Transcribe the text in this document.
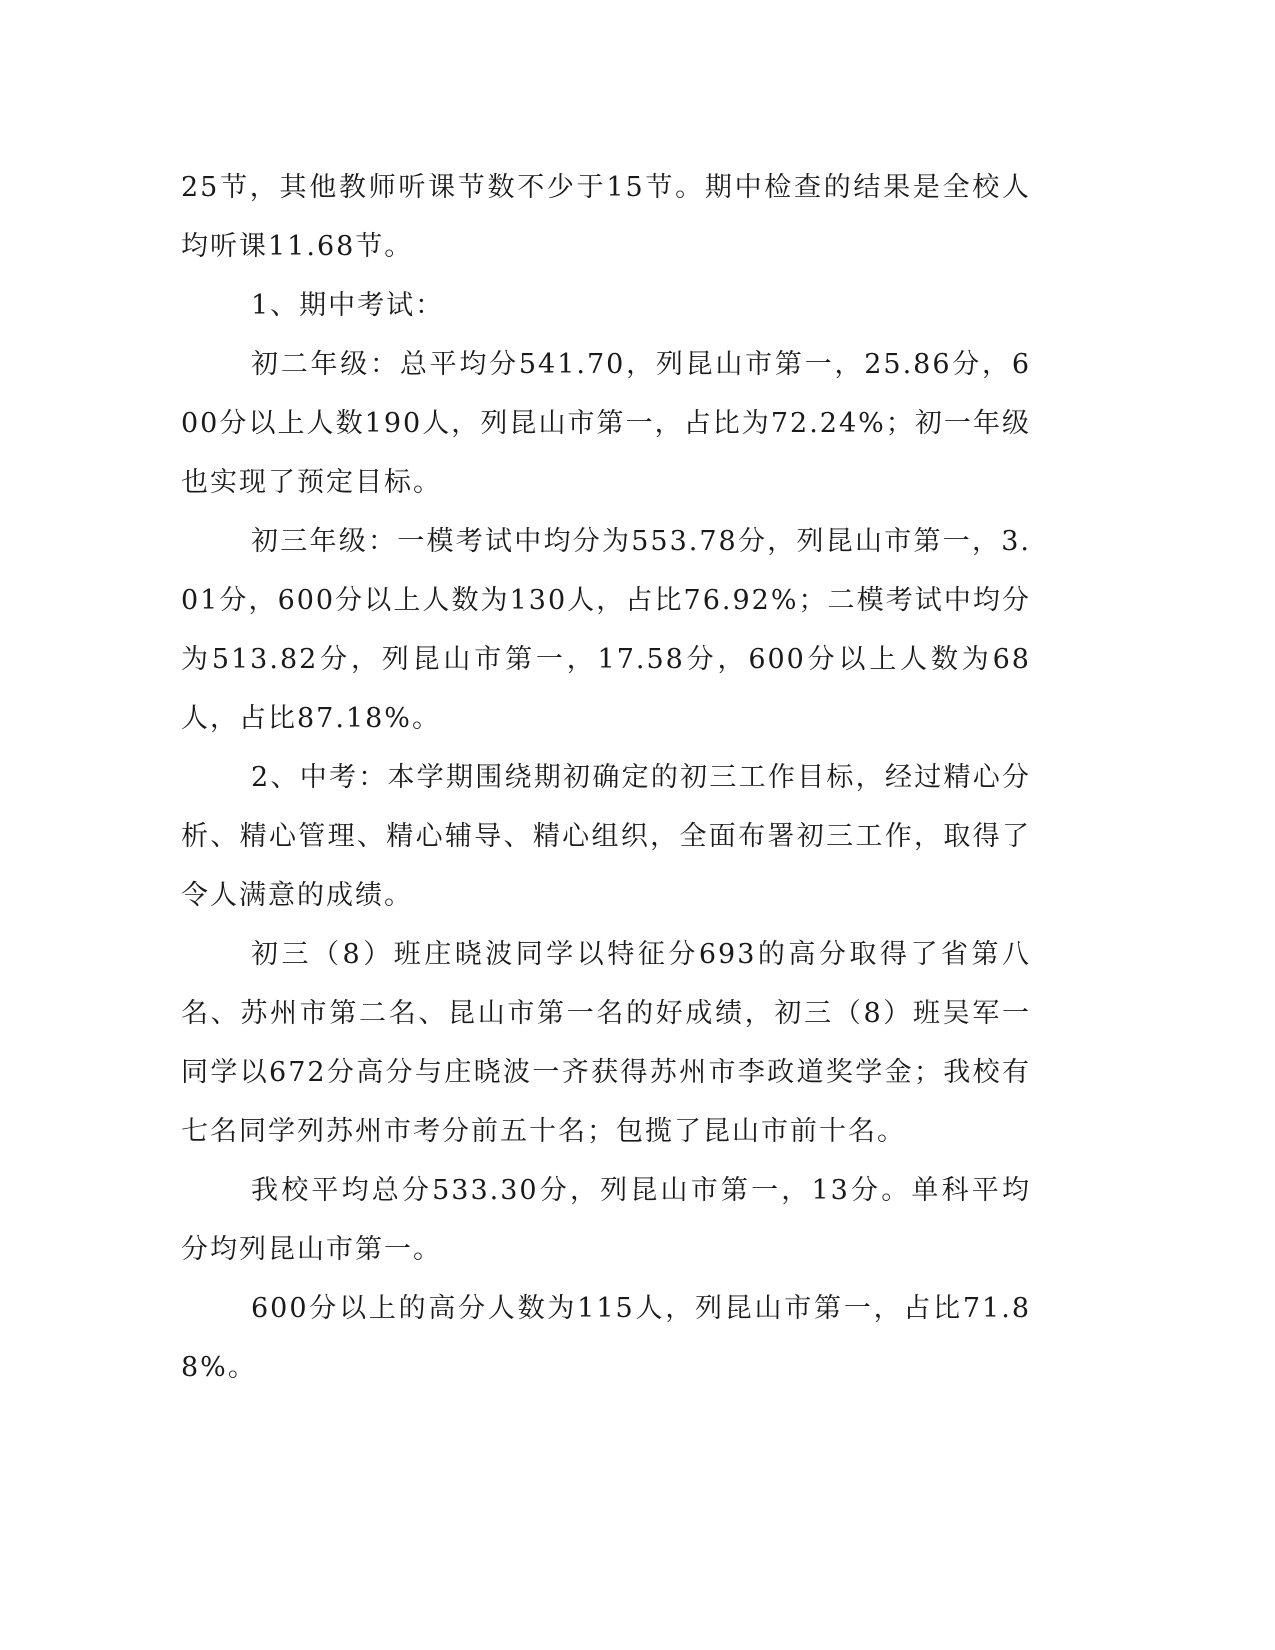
25节，其他教师听课节数不少于15节。期中检查的结果是全校人均听课11.68节。

1、期中考试：

初二年级：总平均分541.70，列昆山市第一，25.86分，600分以上人数190人，列昆山市第一，占比为72.24%；初一年级也实现了预定目标。

初三年级：一模考试中均分为553.78分，列昆山市第一，3.01分，600分以上人数为130人，占比76.92%；二模考试中均分为513.82分，列昆山市第一，17.58分，600分以上人数为68人，占比87.18%。

2、中考：本学期围绕期初确定的初三工作目标，经过精心分析、精心管理、精心辅导、精心组织，全面布署初三工作，取得了令人满意的成绩。

初三（8）班庄晓波同学以特征分693的高分取得了省第八名、苏州市第二名、昆山市第一名的好成绩，初三（8）班吴军一同学以672分高分与庄晓波一齐获得苏州市李政道奖学金；我校有七名同学列苏州市考分前五十名；包揽了昆山市前十名。

我校平均总分533.30分，列昆山市第一，13分。单科平均分均列昆山市第一。

600分以上的高分人数为115人，列昆山市第一，占比71.88%。
